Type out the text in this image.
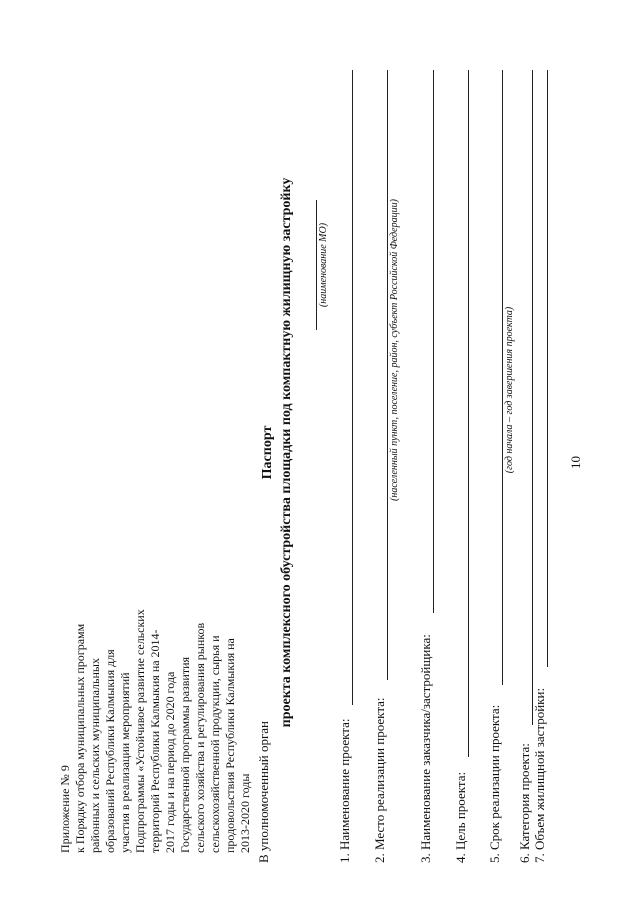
Приложение № 9 к Порядку отбора муниципальных программ районных и сельских муниципальных образований Республики Калмыкия для участия в реализации мероприятий Подпрограммы «Устойчивое развитие сельских территорий Республики Калмыкия на 2014- 2017 годы и на период до 2020 года Государственной программы развития сельского хозяйства и регулирования рынков сельскохозяйственной продукции, сырья и продовольствия Республики Калмыкия на 2013-2020 годы В уполномоченный орган
Паспорт проекта комплексного обустройства площадки под компактную жилищную застройку (наименование МО)
1. Наименование проекта: 2. Место реализации проекта:
(населенный пункт, поселение, район, субъект Российской Федерации)
3. Наименование заказчика/застройщика: 4. Цель проекта: 5. Срок реализации проекта:
(год начала – год завершения проекта)
6. Категория проекта: 7. Объем жилищной застройки:
10
